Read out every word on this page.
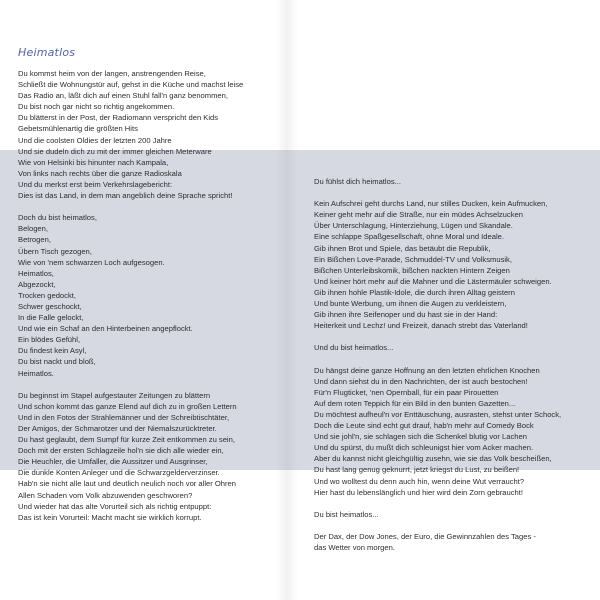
Heimatlos
Du kommst heim von der langen, anstrengenden Reise,
Schließt die Wohnungstür auf, gehst in die Küche und machst leise
Das Radio an, läßt dich auf einen Stuhl fall'n ganz benommen,
Du bist noch gar nicht so richtig angekommen.
Du blätterst in der Post, der Radiomann verspricht den Kids
Gebetsmühlenartig die größten Hits
Und die coolsten Oldies der letzten 200 Jahre
Und sie dudeln dich zu mit der immer gleichen Meterware
Wie von Helsinki bis hinunter nach Kampala,
Von links nach rechts über die ganze Radioskala
Und du merkst erst beim Verkehrslagebericht:
Dies ist das Land, in dem man angeblich deine Sprache spricht!

Doch du bist heimatlos,
Belogen,
Betrogen,
Übern Tisch gezogen,
Wie von 'nem schwarzen Loch aufgesogen.
Heimatlos,
Abgezockt,
Trocken gedockt,
Schwer geschockt,
In die Falle gelockt,
Und wie ein Schaf an den Hinterbeinen angepflockt.
Ein blödes Gefühl,
Du findest kein Asyl,
Du bist nackt und bloß,
Heimatlos.

Du beginnst im Stapel aufgestauter Zeitungen zu blättern
Und schon kommt das ganze Elend auf dich zu in großen Lettern
Und in den Fotos der Strahlemänner und der Schreibtischtäter,
Der Amigos, der Schmarotzer und der Niemalszurücktreter.
Du hast geglaubt, dem Sumpf für kurze Zeit entkommen zu sein,
Doch mit der ersten Schlagzeile hol'n sie dich alle wieder ein,
Die Heuchler, die Umfaller, die Aussitzer und Ausgrinser,
Die dunkle Konten Anleger und die Schwarzgelderverzinser.
Hab'n sie nicht alle laut und deutlich neulich noch vor aller Ohren
Allen Schaden vom Volk abzuwenden geschworen?
Und wieder hat das alte Vorurteil sich als richtig entpuppt:
Das ist kein Vorurteil: Macht macht sie wirklich korrupt.
Du fühlst dich heimatlos...

Kein Aufschrei geht durchs Land, nur stilles Ducken, kein Aufmucken,
Keiner geht mehr auf die Straße, nur ein müdes Achselzucken
Über Unterschlagung, Hinterziehung, Lügen und Skandale.
Eine schlappe Spaßgesellschaft, ohne Moral und Ideale.
Gib ihnen Brot und Spiele, das betäubt die Republik,
Ein Bißchen Love-Parade, Schmuddel-TV und Volksmusik,
Bißchen Unterleibskomik, bißchen nackten Hintern Zeigen
Und keiner hört mehr auf die Mahner und die Lästermäuler schweigen.
Gib ihnen hohle Plastik-Idole, die durch ihren Alltag geistern
Und bunte Werbung, um ihnen die Augen zu verkleistern,
Gib ihnen ihre Seifenoper und du hast sie in der Hand:
Heiterkeit und Lechz! und Freizeit, danach strebt das Vaterland!

Und du bist heimatlos...

Du hängst deine ganze Hoffnung an den letzten ehrlichen Knochen
Und dann siehst du in den Nachrichten, der ist auch bestochen!
Für'n Flugticket, 'nen Opernball, für ein paar Pirouetten
Auf dem roten Teppich für ein Bild in den bunten Gazetten...
Du möchtest aufheul'n vor Enttäuschung, ausrasten, stehst unter Schock,
Doch die Leute sind echt gut drauf, hab'n mehr auf Comedy Bock
Und sie johl'n, sie schlagen sich die Schenkel blutig vor Lachen
Und du spürst, du mußt dich schleunigst hier vom Acker machen.
Aber du kannst nicht gleichgültig zusehn, wie sie das Volk bescheißen,
Du hast lang genug geknurrt, jetzt kriegst du Lust, zu beißen!
Und wo wolltest du denn auch hin, wenn deine Wut verraucht?
Hier hast du lebenslänglich und hier wird dein Zorn gebraucht!

Du bist heimatlos...

Der Dax, der Dow Jones, der Euro, die Gewinnzahlen des Tages -
das Wetter von morgen.
